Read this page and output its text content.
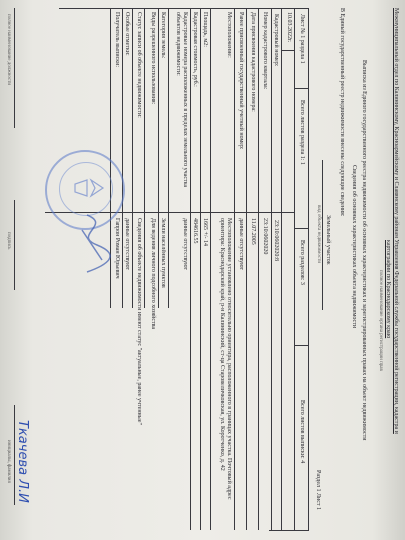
Межмуниципальный отдел по Калининскому, Красноармейскому и Славянскому районам Управления Федеральной службы государственной регистрации, кадастра и
картографии по Краснодарскому краю
полное наименование органа регистрации прав
Выписка из Единого государственного реестра недвижимости об основных характеристиках и зарегистрированных правах на объект недвижимости
Сведения об основных характеристиках объекта недвижимости
В Единый государственный реестр недвижимости внесены следующие сведения:
Раздел 1 Лист 1
Земельный участок
вид объекта недвижимости
Лист № 1 раздела 1
Всего листов раздела 1: 1
Всего разделов: 3
Всего листов выписки: 4
10.03.2022г.
Кадастровый номер:
23:10:0602020:8
Номер кадастрового квартала:
23:10:0602020
Дата присвоения кадастрового номера:
11.07.2005
Ранее присвоенный государственный учетный номер:
данные отсутствуют
Местоположение:
Местоположение установлено относительно ориентира, расположенного в границах участка. Почтовый адрес ориентира: Краснодарский край, р-н Калининский, ст-ца Старовеличковская, ул. Коротченко, д. 42
Площадь, м2:
1665 +/- 14
Кадастровая стоимость, руб.:
484616.55
Кадастровые номера расположенных в пределах земельного участка объектов недвижимости:
данные отсутствуют
Категория земель:
Земли населённых пунктов
Виды разрешенного использования:
Для ведения личного подсобного хозяйства
Статус записи об объекте недвижимости:
Сведения об объекте недвижимости имеют статус "актуальные, ранее учтенные"
Особые отметки:
данные отсутствуют
Получатель выписки:
Гапрон Роман Юрьевич
полное наименование должности
подпись
Ткачева Л.И
инициалы, фамилия
